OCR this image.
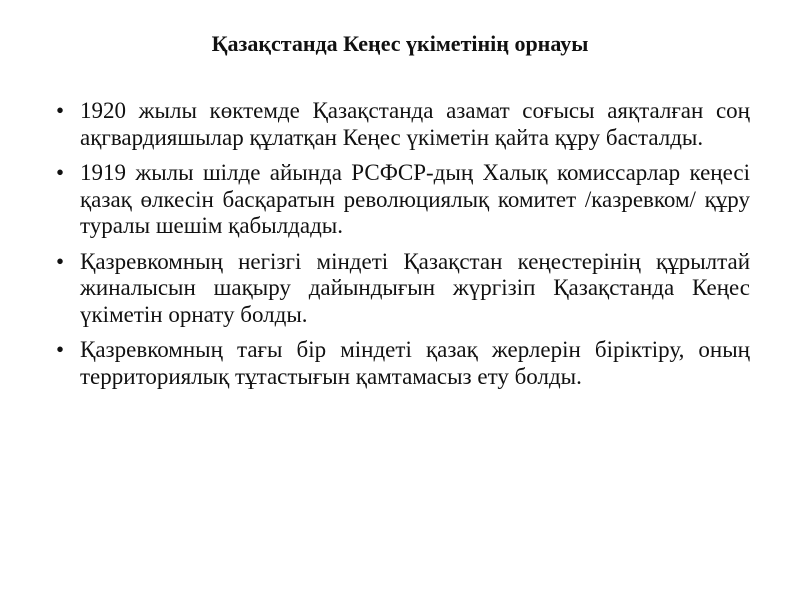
Қазақстанда Кеңес үкіметінің орнауы
• 1920 жылы көктемде Қазақстанда азамат соғысы аяқталған соң ақгвардияшылар құлатқан Кеңес үкіметін қайта құру басталды.
• 1919 жылы шілде айында РСФСР-дың Халық комиссарлар кеңесі қазақ өлкесін басқаратын революциялық комитет /казревком/ құру туралы шешім қабылдады.
• Қазревкомның негізгі міндеті Қазақстан кеңестерінің құрылтай жиналысын шақыру дайындығын жүргізіп Қазақстанда Кеңес үкіметін орнату болды.
• Қазревкомның тағы бір міндеті қазақ жерлерін біріктіру, оның территориялық тұтастығын қамтамасыз ету болды.
